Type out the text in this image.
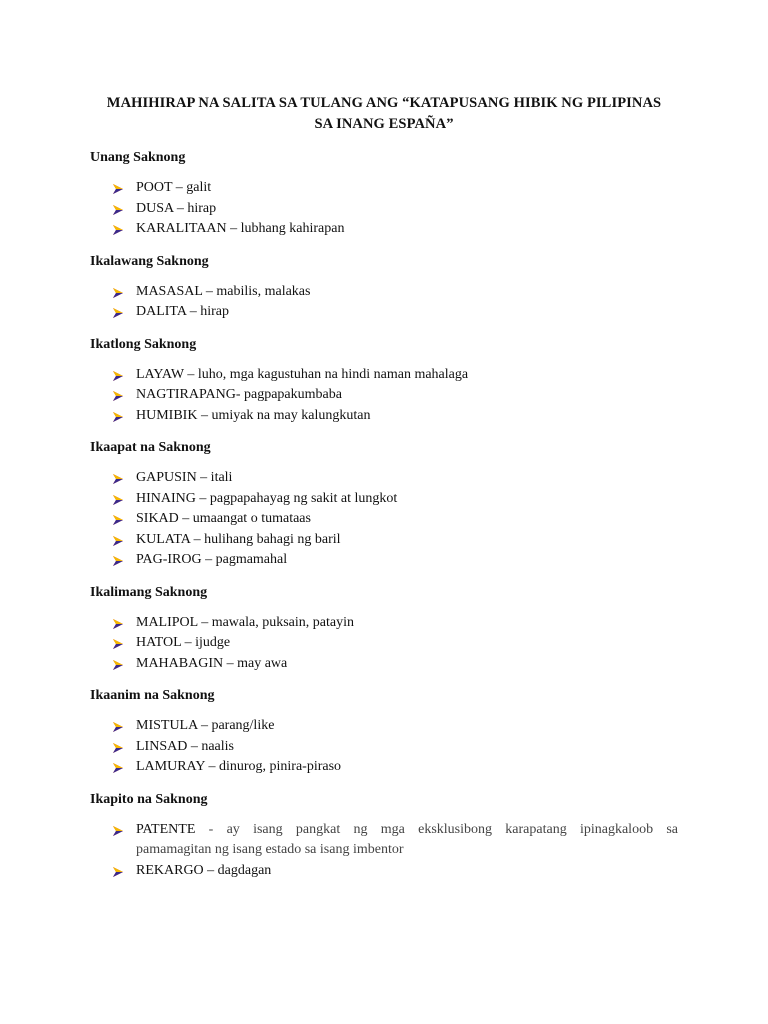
MAHIHIRAP NA SALITA SA TULANG ANG “KATAPUSANG HIBIK NG PILIPINAS
SA INANG ESPAÑA”
Unang Saknong
POOT – galit
DUSA – hirap
KARALITAAN – lubhang kahirapan
Ikalawang Saknong
MASASAL – mabilis, malakas
DALITA – hirap
Ikatlong Saknong
LAYAW – luho, mga kagustuhan na hindi naman mahalaga
NAGTIRAPANG- pagpapakumbaba
HUMIBIK – umiyak na may kalungkutan
Ikaapat na Saknong
GAPUSIN – itali
HINAING – pagpapahayag ng sakit at lungkot
SIKAD – umaangat o tumataas
KULATA – hulihang bahagi ng baril
PAG-IROG – pagmamahal
Ikalimang Saknong
MALIPOL – mawala, puksain, patayin
HATOL – ijudge
MAHABAGIN – may awa
Ikaanim na Saknong
MISTULA – parang/like
LINSAD – naalis
LAMURAY – dinurog, pinira-piraso
Ikapito na Saknong
PATENTE - ay isang pangkat ng mga eksklusibong karapatang ipinagkaloob sa
pamamagitan ng isang estado sa isang imbentor
REKARGO – dagdagan
